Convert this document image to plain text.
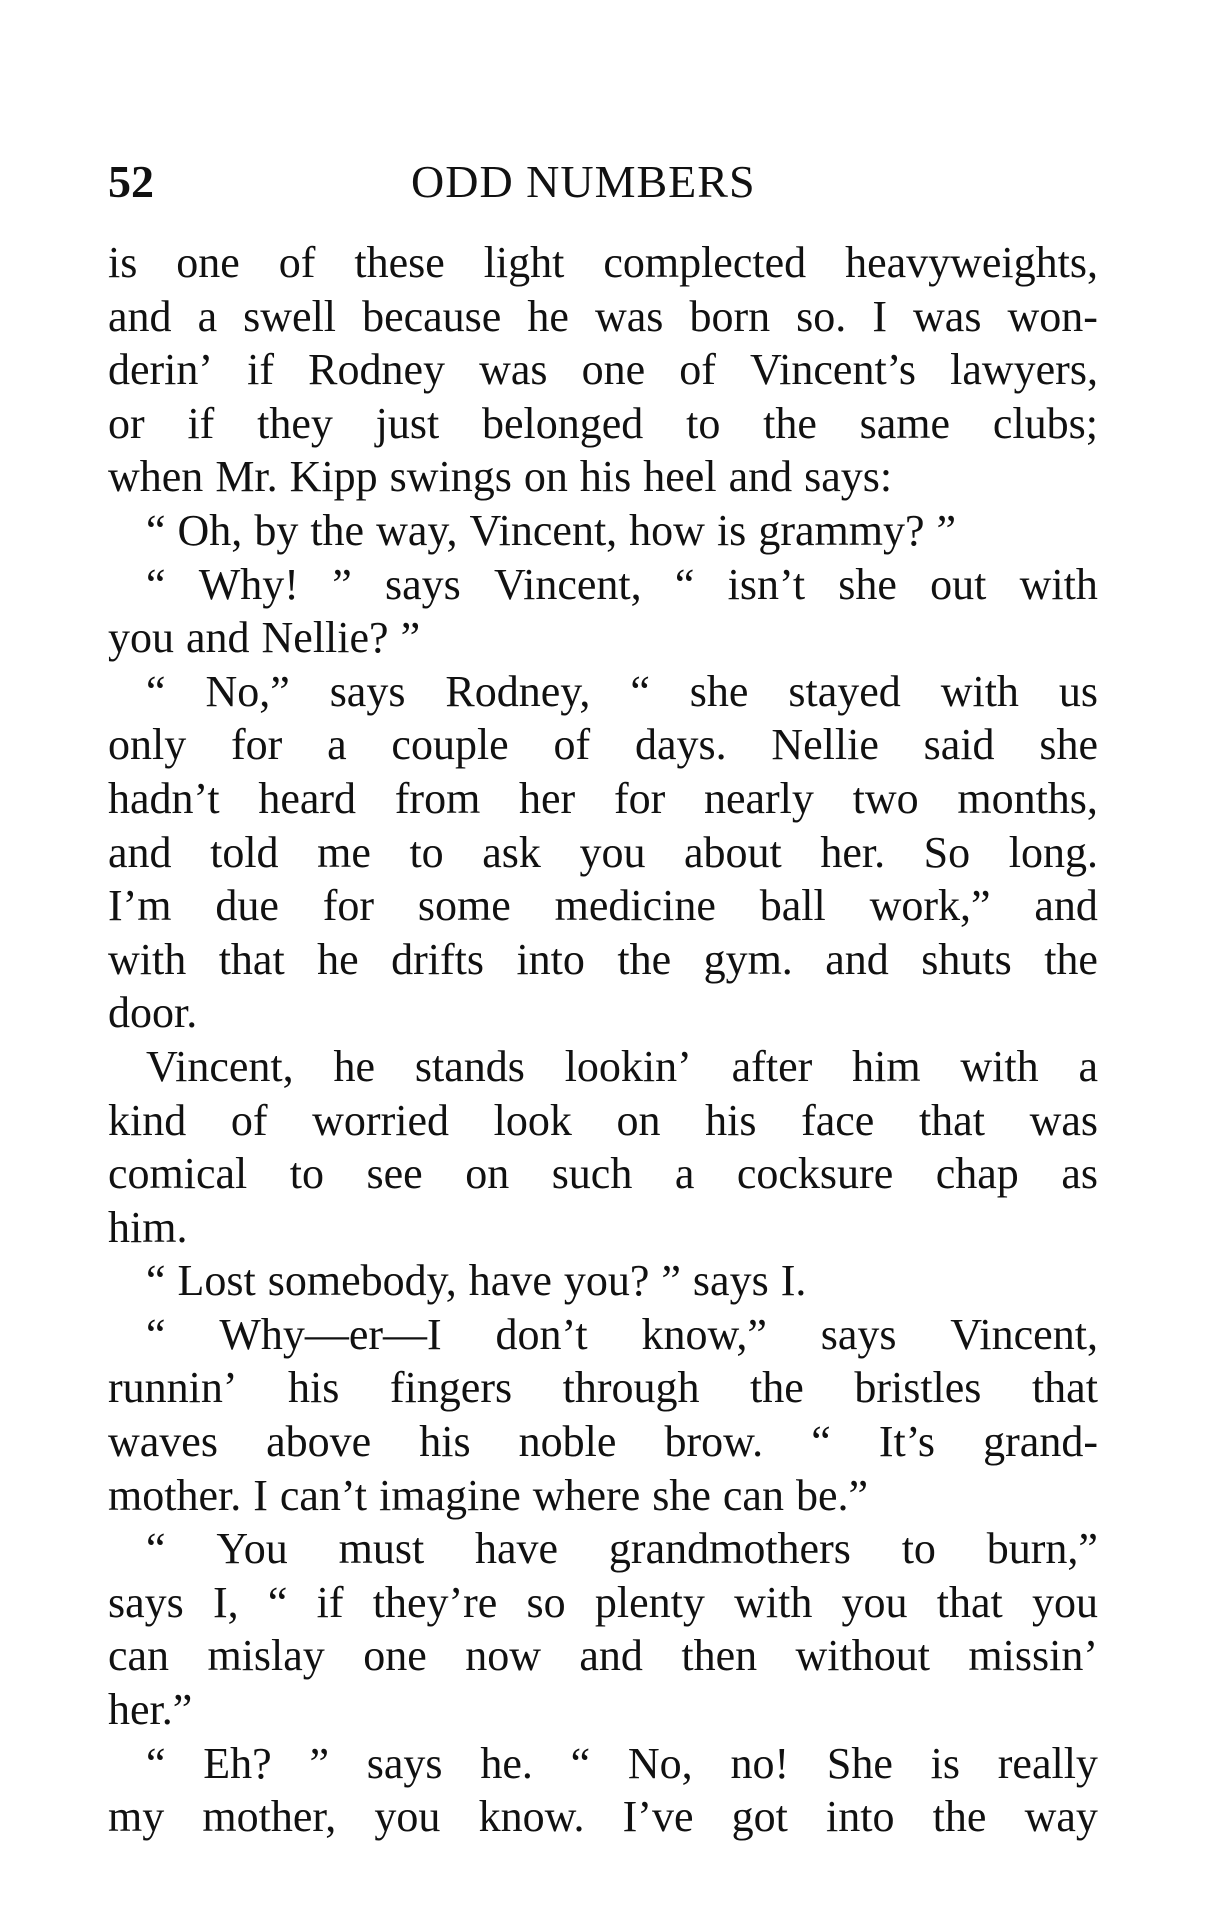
52	ODD NUMBERS
is one of these light complected heavyweights,
and a swell because he was born so. I was won-
derin’ if Rodney was one of Vincent’s lawyers,
or if they just belonged to the same clubs;
when Mr. Kipp swings on his heel and says:
“ Oh, by the way, Vincent, how is grammy? ”
“ Why! ” says Vincent, “ isn’t she out with
you and Nellie? ”
“ No,” says Rodney, “ she stayed with us
only for a couple of days. Nellie said she
hadn’t heard from her for nearly two months,
and told me to ask you about her. So long.
I’m due for some medicine ball work,” and
with that he drifts into the gym. and shuts the
door.
Vincent, he stands lookin’ after him with a
kind of worried look on his face that was
comical to see on such a cocksure chap as
him.
“ Lost somebody, have you? ” says I.
“ Why—er—I don’t know,” says Vincent,
runnin’ his fingers through the bristles that
waves above his noble brow. “ It’s grand-
mother. I can’t imagine where she can be.”
“ You must have grandmothers to burn,”
says I, “ if they’re so plenty with you that you
can mislay one now and then without missin’
her.”
“ Eh? ” says he. “ No, no! She is really
my mother, you know. I’ve got into the way
